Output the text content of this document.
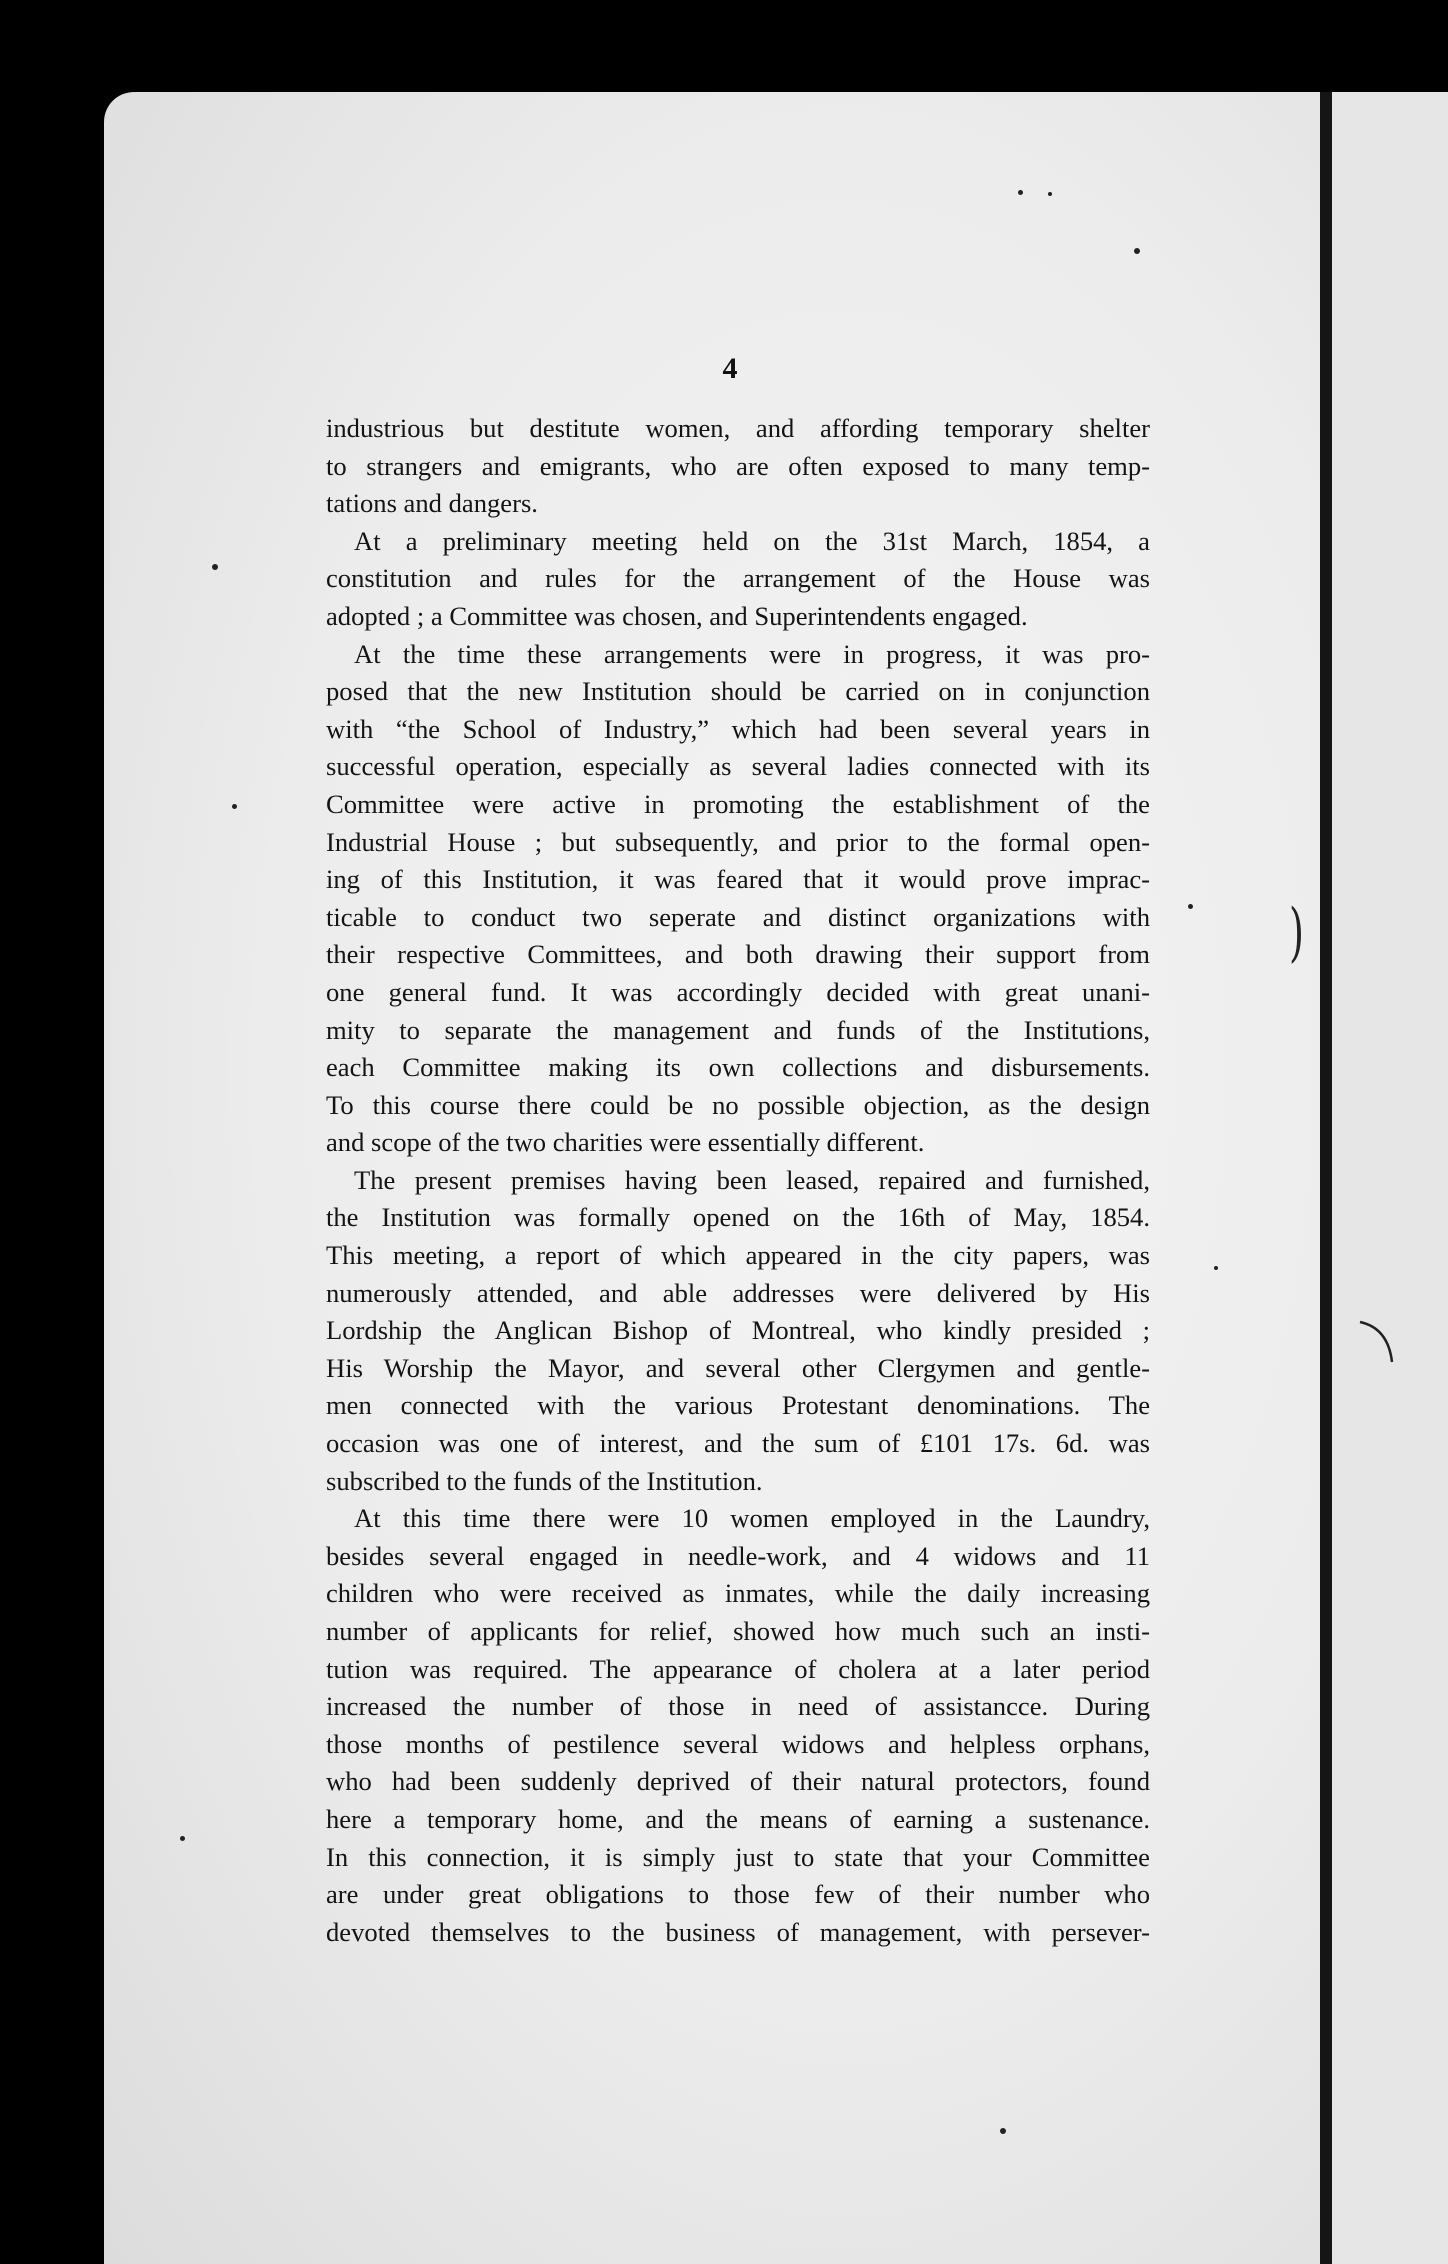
4
industrious but destitute women, and affording temporary shelter
to strangers and emigrants, who are often exposed to many temp-
tations and dangers.
At a preliminary meeting held on the 31st March, 1854, a
constitution and rules for the arrangement of the House was
adopted ; a Committee was chosen, and Superintendents engaged.
At the time these arrangements were in progress, it was pro-
posed that the new Institution should be carried on in conjunction
with “the School of Industry,” which had been several years in
successful operation, especially as several ladies connected with its
Committee were active in promoting the establishment of the
Industrial House ; but subsequently, and prior to the formal open-
ing of this Institution, it was feared that it would prove imprac-
ticable to conduct two seperate and distinct organizations with
their respective Committees, and both drawing their support from
one general fund. It was accordingly decided with great unani-
mity to separate the management and funds of the Institutions,
each Committee making its own collections and disbursements.
To this course there could be no possible objection, as the design
and scope of the two charities were essentially different.
The present premises having been leased, repaired and furnished,
the Institution was formally opened on the 16th of May, 1854.
This meeting, a report of which appeared in the city papers, was
numerously attended, and able addresses were delivered by His
Lordship the Anglican Bishop of Montreal, who kindly presided ;
His Worship the Mayor, and several other Clergymen and gentle-
men connected with the various Protestant denominations. The
occasion was one of interest, and the sum of £101 17s. 6d. was
subscribed to the funds of the Institution.
At this time there were 10 women employed in the Laundry,
besides several engaged in needle-work, and 4 widows and 11
children who were received as inmates, while the daily increasing
number of applicants for relief, showed how much such an insti-
tution was required. The appearance of cholera at a later period
increased the number of those in need of assistancce. During
those months of pestilence several widows and helpless orphans,
who had been suddenly deprived of their natural protectors, found
here a temporary home, and the means of earning a sustenance.
In this connection, it is simply just to state that your Committee
are under great obligations to those few of their number who
devoted themselves to the business of management, with persever-
)
